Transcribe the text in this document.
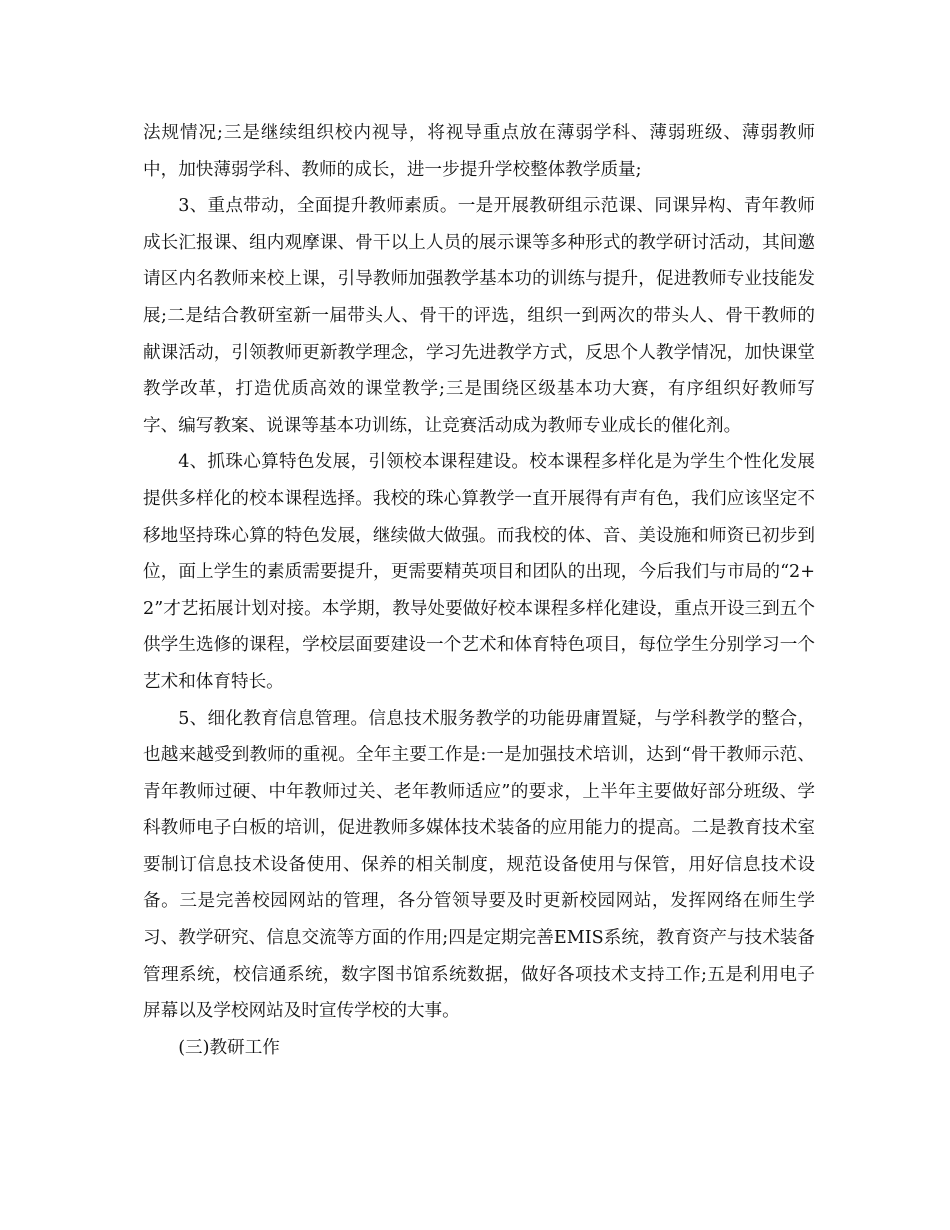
法规情况;三是继续组织校内视导，将视导重点放在薄弱学科、薄弱班级、薄弱教师中，加快薄弱学科、教师的成长，进一步提升学校整体教学质量;

3、重点带动，全面提升教师素质。一是开展教研组示范课、同课异构、青年教师成长汇报课、组内观摩课、骨干以上人员的展示课等多种形式的教学研讨活动，其间邀请区内名教师来校上课，引导教师加强教学基本功的训练与提升，促进教师专业技能发展;二是结合教研室新一届带头人、骨干的评选，组织一到两次的带头人、骨干教师的献课活动，引领教师更新教学理念，学习先进教学方式，反思个人教学情况，加快课堂教学改革，打造优质高效的课堂教学;三是围绕区级基本功大赛，有序组织好教师写字、编写教案、说课等基本功训练，让竞赛活动成为教师专业成长的催化剂。

4、抓珠心算特色发展，引领校本课程建设。校本课程多样化是为学生个性化发展提供多样化的校本课程选择。我校的珠心算教学一直开展得有声有色，我们应该坚定不移地坚持珠心算的特色发展，继续做大做强。而我校的体、音、美设施和师资已初步到位，面上学生的素质需要提升，更需要精英项目和团队的出现，今后我们与市局的“2+2”才艺拓展计划对接。本学期，教导处要做好校本课程多样化建设，重点开设三到五个供学生选修的课程，学校层面要建设一个艺术和体育特色项目，每位学生分别学习一个艺术和体育特长。

5、细化教育信息管理。信息技术服务教学的功能毋庸置疑，与学科教学的整合，也越来越受到教师的重视。全年主要工作是:一是加强技术培训，达到“骨干教师示范、青年教师过硬、中年教师过关、老年教师适应”的要求，上半年主要做好部分班级、学科教师电子白板的培训，促进教师多媒体技术装备的应用能力的提高。二是教育技术室要制订信息技术设备使用、保养的相关制度，规范设备使用与保管，用好信息技术设备。三是完善校园网站的管理，各分管领导要及时更新校园网站，发挥网络在师生学习、教学研究、信息交流等方面的作用;四是定期完善EMIS系统，教育资产与技术装备管理系统，校信通系统，数字图书馆系统数据，做好各项技术支持工作;五是利用电子屏幕以及学校网站及时宣传学校的大事。

(三)教研工作
